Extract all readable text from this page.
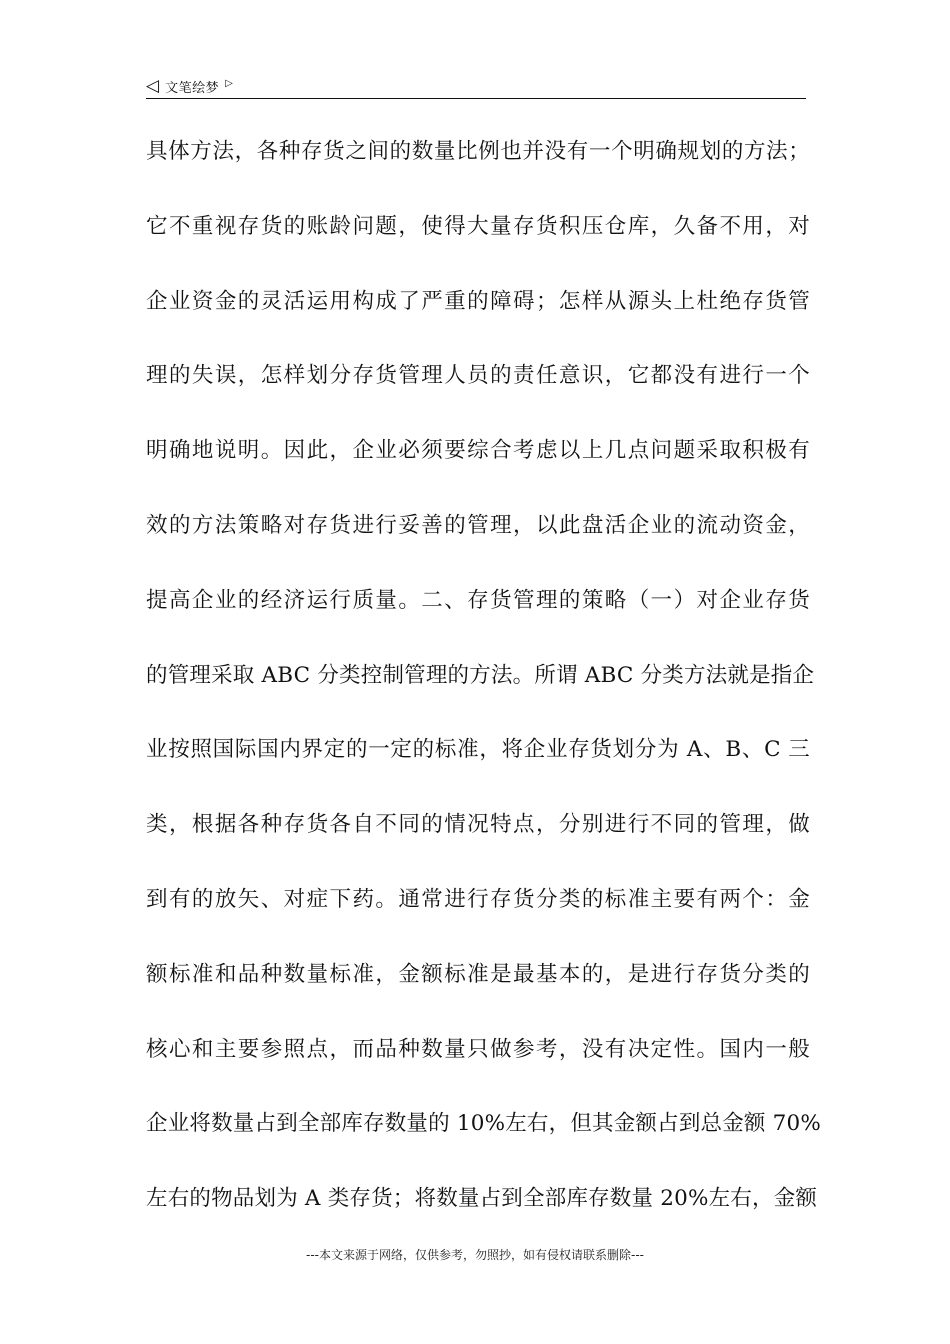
◁ 文笔绘梦 ▷
具体方法，各种存货之间的数量比例也并没有一个明确规划的方法；
它不重视存货的账龄问题，使得大量存货积压仓库，久备不用，对
企业资金的灵活运用构成了严重的障碍；怎样从源头上杜绝存货管
理的失误，怎样划分存货管理人员的责任意识，它都没有进行一个
明确地说明。因此，企业必须要综合考虑以上几点问题采取积极有
效的方法策略对存货进行妥善的管理，以此盘活企业的流动资金，
提高企业的经济运行质量。二、存货管理的策略（一）对企业存货
的管理采取 ABC 分类控制管理的方法。所谓 ABC 分类方法就是指企
业按照国际国内界定的一定的标准，将企业存货划分为 A、B、C 三
类，根据各种存货各自不同的情况特点，分别进行不同的管理，做
到有的放矢、对症下药。通常进行存货分类的标准主要有两个：金
额标准和品种数量标准，金额标准是最基本的，是进行存货分类的
核心和主要参照点，而品种数量只做参考，没有决定性。国内一般
企业将数量占到全部库存数量的 10%左右，但其金额占到总金额 70%
左右的物品划为 A 类存货；将数量占到全部库存数量 20%左右，金额
---本文来源于网络，仅供参考，勿照抄，如有侵权请联系删除---
